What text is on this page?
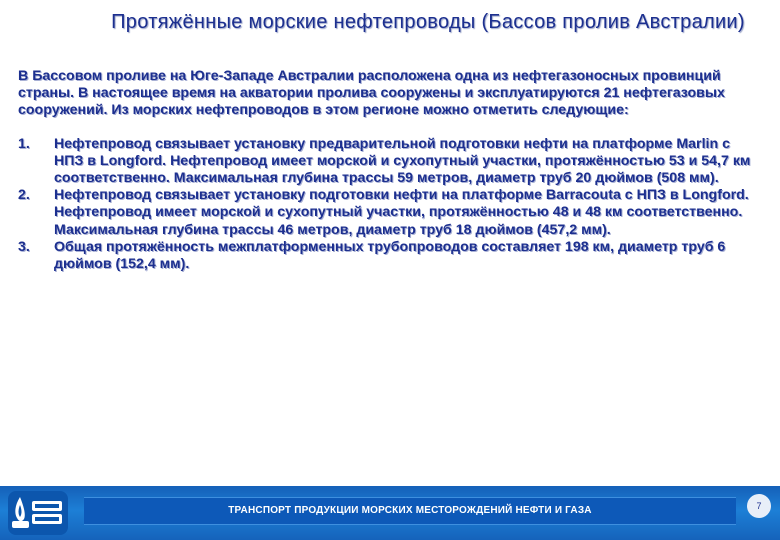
Протяжённые морские нефтепроводы (Бассов пролив Австралии)

В Бассовом проливе на Юге-Западе Австралии расположена одна из нефтегазоносных провинций страны. В настоящее время на акватории пролива сооружены и эксплуатируются 21 нефтегазовых сооружений. Из морских нефтепроводов в этом регионе можно отметить следующие:

1. Нефтепровод связывает установку предварительной подготовки нефти на платформе Marlin с НПЗ в Longford. Нефтепровод имеет морской и сухопутный участки, протяжённостью 53 и 54,7 км соответственно. Максимальная глубина трассы 59 метров, диаметр труб 20 дюймов (508 мм).
2. Нефтепровод связывает установку подготовки нефти на платформе Barracouta с НПЗ в Longford. Нефтепровод имеет морской и сухопутный участки, протяжённостью 48 и 48 км соответственно. Максимальная глубина трассы 46 метров, диаметр труб 18 дюймов (457,2 мм).
3. Общая протяжённость межплатформенных трубопроводов составляет 198 км, диаметр труб 6 дюймов (152,4 мм).
ТРАНСПОРТ ПРОДУКЦИИ МОРСКИХ МЕСТОРОЖДЕНИЙ НЕФТИ И ГАЗА	7
